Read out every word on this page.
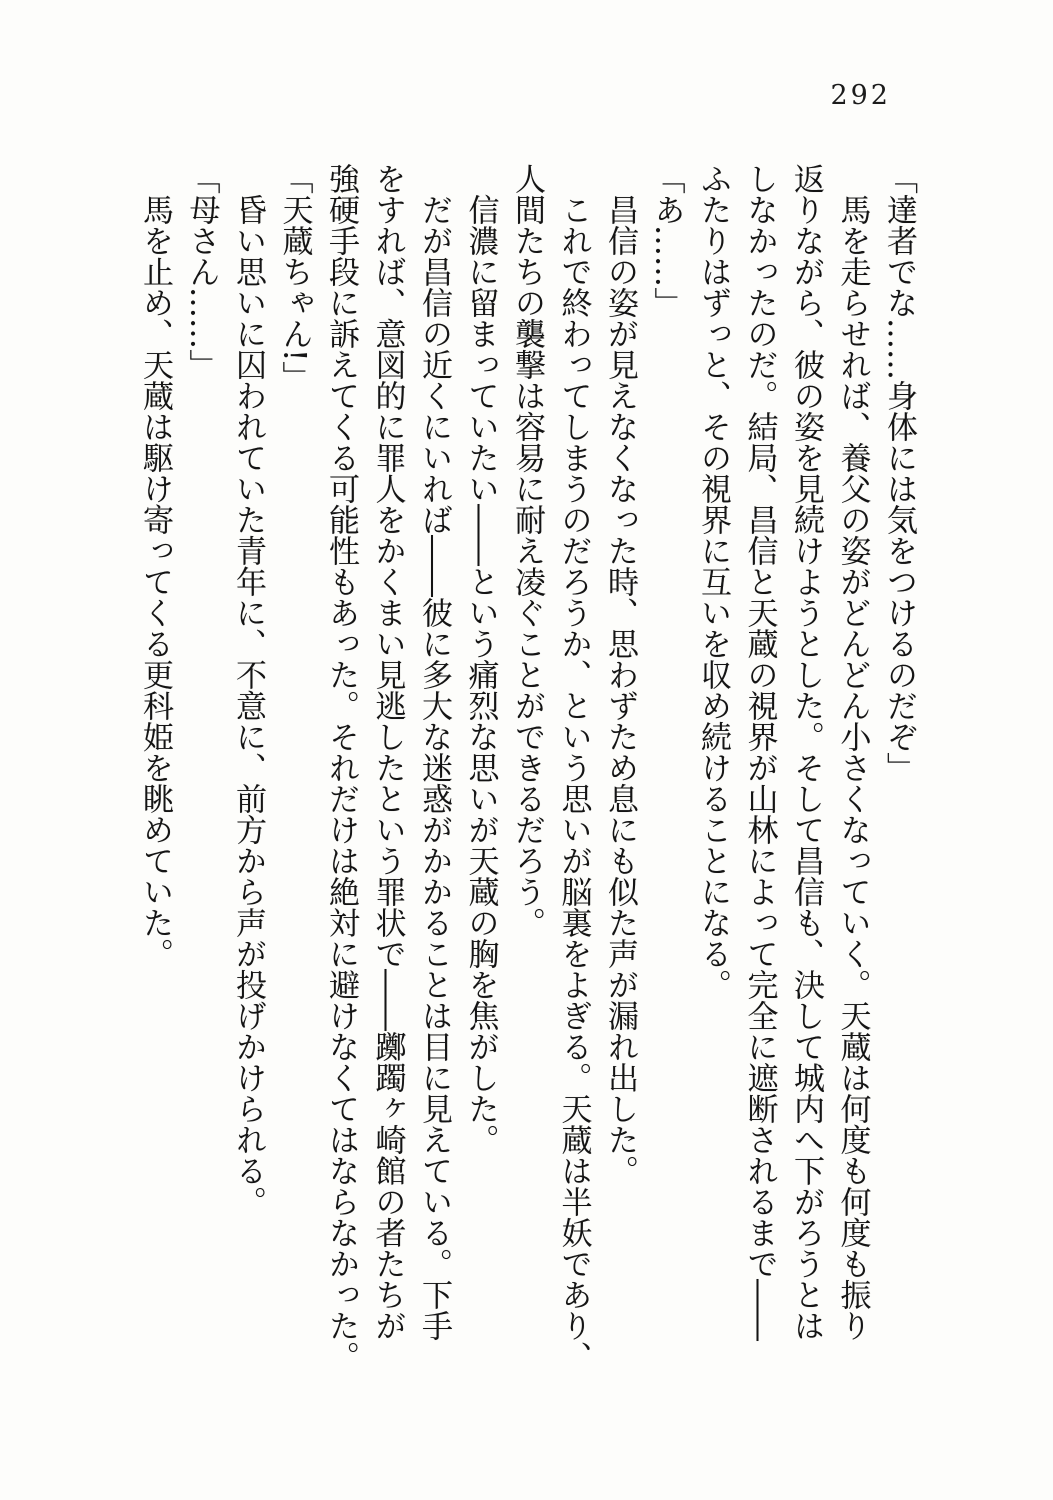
292
「達者でな……身体には気をつけるのだぞ」
馬を走らせれば、養父の姿がどんどん小さくなっていく。天蔵は何度も何度も振り
返りながら、彼の姿を見続けようとした。そして昌信も、決して城内へ下がろうとは
しなかったのだ。結局、昌信と天蔵の視界が山林によって完全に遮断されるまで――
ふたりはずっと、その視界に互いを収め続けることになる。
「あ……」
昌信の姿が見えなくなった時、思わずため息にも似た声が漏れ出した。
これで終わってしまうのだろうか、という思いが脳裏をよぎる。天蔵は半妖であり、
人間たちの襲撃は容易に耐え凌ぐことができるだろう。
信濃に留まっていたい――という痛烈な思いが天蔵の胸を焦がした。
だが昌信の近くにいれば――彼に多大な迷惑がかかることは目に見えている。下手
をすれば、意図的に罪人をかくまい見逃したという罪状で――躑躅ヶ崎館の者たちが
強硬手段に訴えてくる可能性もあった。それだけは絶対に避けなくてはならなかった。
「天蔵ちゃん!」
昏い思いに囚われていた青年に、不意に、前方から声が投げかけられる。
「母さん……」
馬を止め、天蔵は駆け寄ってくる更科姫を眺めていた。
